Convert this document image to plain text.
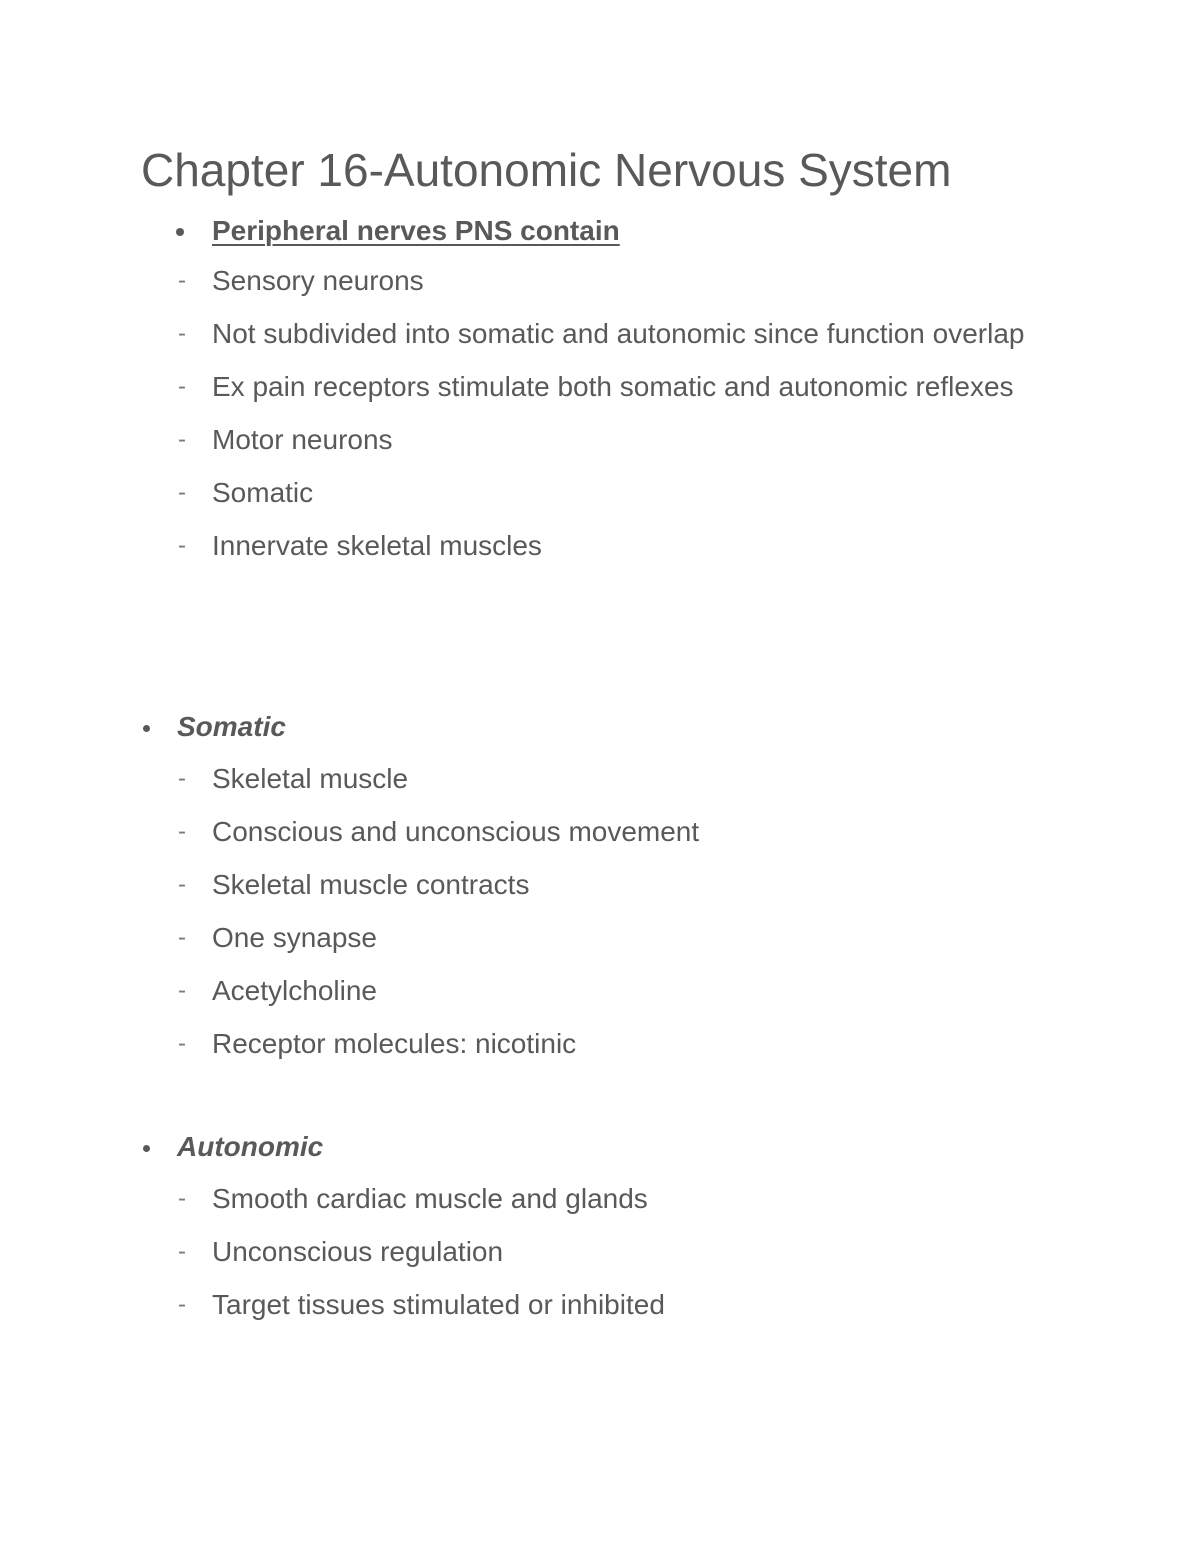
Chapter 16-Autonomic Nervous System
Peripheral nerves PNS contain
- Sensory neurons
- Not subdivided into somatic and autonomic since function overlap
- Ex pain receptors stimulate both somatic and autonomic reflexes
- Motor neurons
- Somatic
- Innervate skeletal muscles
Somatic
- Skeletal muscle
- Conscious and unconscious movement
- Skeletal muscle contracts
- One synapse
- Acetylcholine
- Receptor molecules: nicotinic
Autonomic
- Smooth cardiac muscle and glands
- Unconscious regulation
- Target tissues stimulated or inhibited
